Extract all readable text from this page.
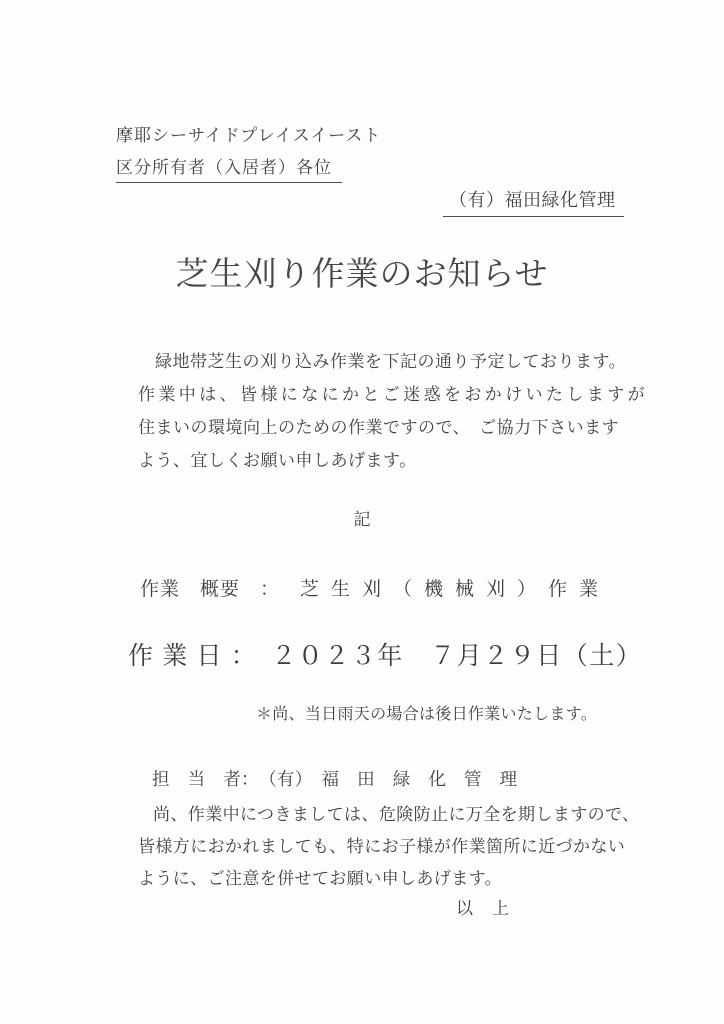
摩耶シーサイドプレイスイースト
区分所有者（入居者）各位
（有）福田緑化管理
芝生刈り作業のお知らせ
緑地帯芝生の刈り込み作業を下記の通り予定しております。
作業中は、皆様になにかとご迷惑をおかけいたしますが
住まいの環境向上のための作業ですので、　ご協力下さいます
よう、宜しくお願い申しあげます。
記
作業　概要　： 芝生刈（機械刈）作業
作 業 日 ：　２０２３年　７月２９日（土）
＊尚、当日雨天の場合は後日作業いたします。
担　当　者：　（有）　福　田　緑　化　管　理
尚、作業中につきましては、危険防止に万全を期しますので、
皆様方におかれましても、特にお子様が作業箇所に近づかない
ように、ご注意を併せてお願い申しあげます。
以　上
